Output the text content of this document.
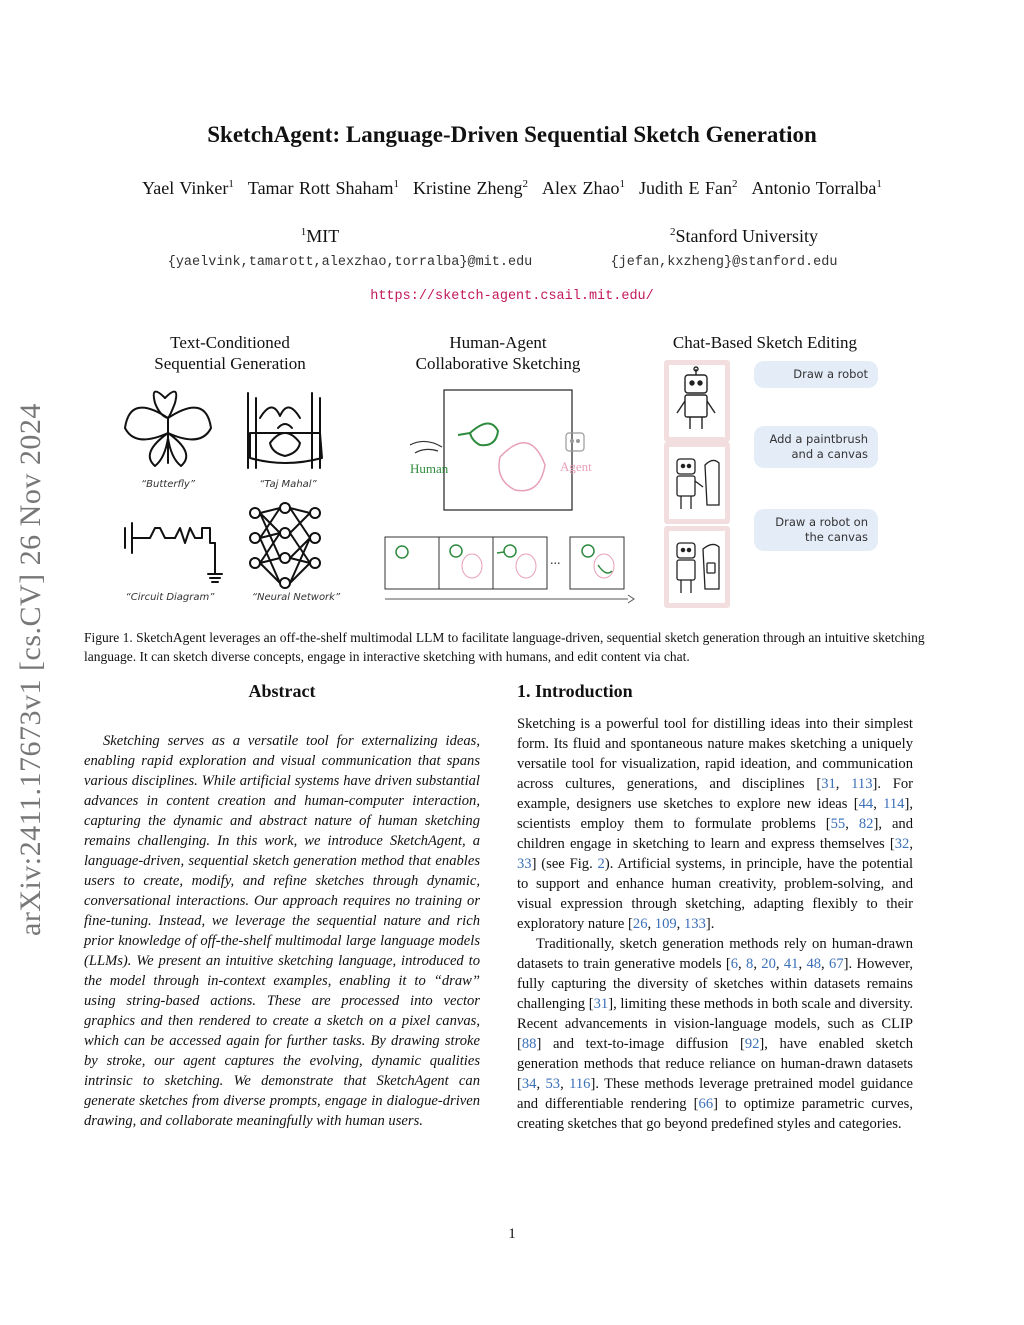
arXiv:2411.17673v1 [cs.CV] 26 Nov 2024
SketchAgent: Language-Driven Sequential Sketch Generation
Yael Vinker$^1$ Tamar Rott Shaham$^1$ Kristine Zheng$^2$ Alex Zhao$^1$ Judith E Fan$^2$ Antonio Torralba$^1$
$^1$MIT
{yaelvink,tamarott,alexzhao,torralba}@mit.edu
$^2$Stanford University
{jefan,kxzheng}@stanford.edu
https://sketch-agent.csail.mit.edu/
Text-Conditioned
Sequential Generation
Human-Agent
Collaborative Sketching
Chat-Based Sketch Editing
“Butterfly”	“Taj Mahal”
“Circuit Diagram”	“Neural Network”
Human	Agent
...
Draw a robot
Add a paintbrush
and a canvas
Draw a robot on
the canvas
Figure 1. SketchAgent leverages an off-the-shelf multimodal LLM to facilitate language-driven, sequential sketch generation through an intuitive sketching language. It can sketch diverse concepts, engage in interactive sketching with humans, and edit content via chat.
Abstract
Sketching serves as a versatile tool for externalizing ideas, enabling rapid exploration and visual communication that spans various disciplines. While artificial systems have driven substantial advances in content creation and human-computer interaction, capturing the dynamic and abstract nature of human sketching remains challenging. In this work, we introduce SketchAgent, a language-driven, sequential sketch generation method that enables users to create, modify, and refine sketches through dynamic, conversational interactions. Our approach requires no training or fine-tuning. Instead, we leverage the sequential nature and rich prior knowledge of off-the-shelf multimodal large language models (LLMs). We present an intuitive sketching language, introduced to the model through in-context examples, enabling it to “draw” using string-based actions. These are processed into vector graphics and then rendered to create a sketch on a pixel canvas, which can be accessed again for further tasks. By drawing stroke by stroke, our agent captures the evolving, dynamic qualities intrinsic to sketching. We demonstrate that SketchAgent can generate sketches from diverse prompts, engage in dialogue-driven drawing, and collaborate meaningfully with human users.
1. Introduction

Sketching is a powerful tool for distilling ideas into their simplest form. Its fluid and spontaneous nature makes sketching a uniquely versatile tool for visualization, rapid ideation, and communication across cultures, generations, and disciplines [31, 113]. For example, designers use sketches to explore new ideas [44, 114], scientists employ them to formulate problems [55, 82], and children engage in sketching to learn and express themselves [32, 33] (see Fig. 2). Artificial systems, in principle, have the potential to support and enhance human creativity, problem-solving, and visual expression through sketching, adapting flexibly to their exploratory nature [26, 109, 133].

Traditionally, sketch generation methods rely on human-drawn datasets to train generative models [6, 8, 20, 41, 48, 67]. However, fully capturing the diversity of sketches within datasets remains challenging [31], limiting these methods in both scale and diversity. Recent advancements in vision-language models, such as CLIP [88] and text-to-image diffusion [92], have enabled sketch generation methods that reduce reliance on human-drawn datasets [34, 53, 116]. These methods leverage pretrained model guidance and differentiable rendering [66] to optimize parametric curves, creating sketches that go beyond predefined styles and categories.

1
